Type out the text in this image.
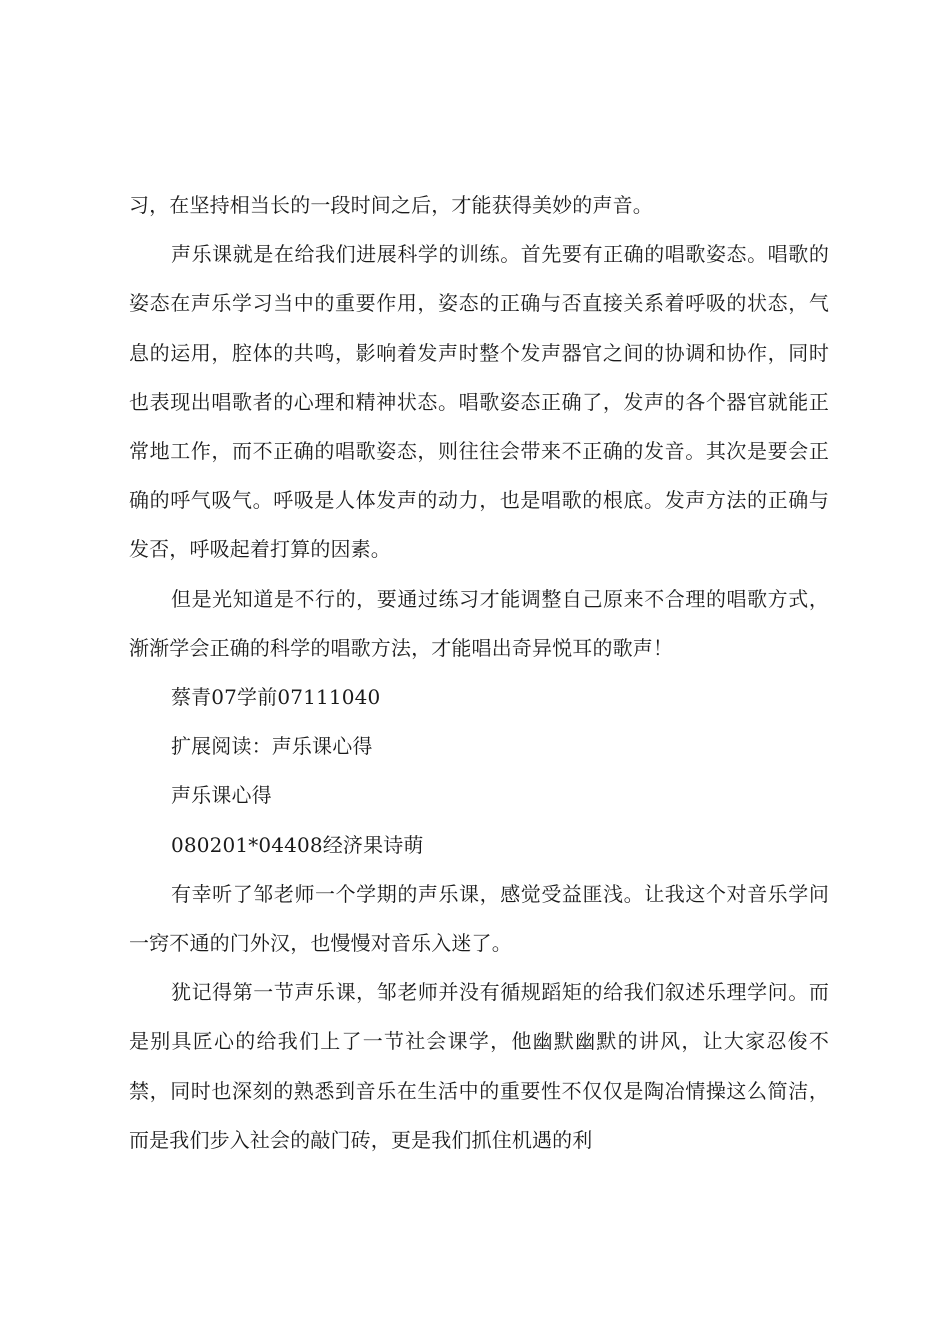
习，在坚持相当长的一段时间之后，才能获得美妙的声音。

声乐课就是在给我们进展科学的训练。首先要有正确的唱歌姿态。唱歌的姿态在声乐学习当中的重要作用，姿态的正确与否直接关系着呼吸的状态，气息的运用，腔体的共鸣，影响着发声时整个发声器官之间的协调和协作，同时也表现出唱歌者的心理和精神状态。唱歌姿态正确了，发声的各个器官就能正常地工作，而不正确的唱歌姿态，则往往会带来不正确的发音。其次是要会正确的呼气吸气。呼吸是人体发声的动力，也是唱歌的根底。发声方法的正确与发否，呼吸起着打算的因素。

但是光知道是不行的，要通过练习才能调整自己原来不合理的唱歌方式，渐渐学会正确的科学的唱歌方法，才能唱出奇异悦耳的歌声！

蔡青07学前07111040

扩展阅读：声乐课心得

声乐课心得

080201*04408经济果诗萌

有幸听了邹老师一个学期的声乐课，感觉受益匪浅。让我这个对音乐学问一窍不通的门外汉，也慢慢对音乐入迷了。

犹记得第一节声乐课，邹老师并没有循规蹈矩的给我们叙述乐理学问。而是别具匠心的给我们上了一节社会课学，他幽默幽默的讲风，让大家忍俊不禁，同时也深刻的熟悉到音乐在生活中的重要性不仅仅是陶冶情操这么简洁，而是我们步入社会的敲门砖，更是我们抓住机遇的利
